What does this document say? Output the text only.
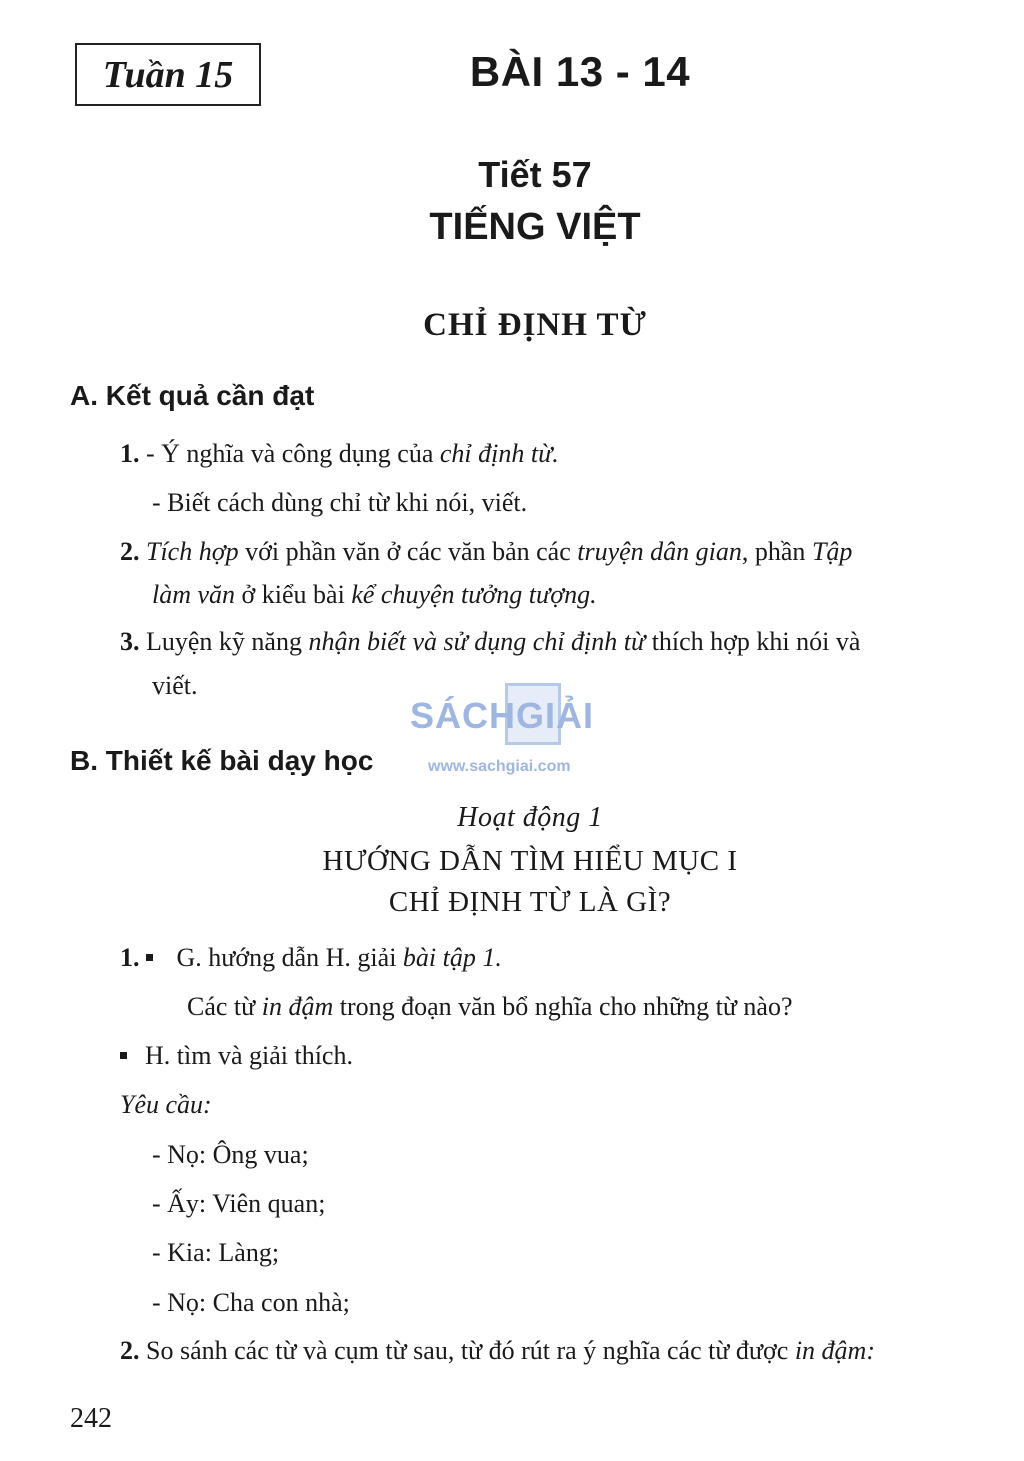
Tuần 15	BÀI 13 - 14
Tiết 57
TIẾNG VIỆT
CHỈ ĐỊNH TỪ
A. Kết quả cần đạt
1. - Ý nghĩa và công dụng của chỉ định từ.
- Biết cách dùng chỉ từ khi nói, viết.
2. Tích hợp với phần văn ở các văn bản các truyện dân gian, phần Tập
làm văn ở kiểu bài kể chuyện tưởng tượng.
3. Luyện kỹ năng nhận biết và sử dụng chỉ định từ thích hợp khi nói và
viết.
SÁCHGIẢI
www.sachgiai.com
B. Thiết kế bài dạy học
Hoạt động 1
HƯỚNG DẪN TÌM HIỂU MỤC I
CHỈ ĐỊNH TỪ LÀ GÌ?
1. G. hướng dẫn H. giải bài tập 1.
Các từ in đậm trong đoạn văn bổ nghĩa cho những từ nào?
H. tìm và giải thích.
Yêu cầu:
- Nọ: Ông vua;
- Ấy: Viên quan;
- Kia: Làng;
- Nọ: Cha con nhà;
2. So sánh các từ và cụm từ sau, từ đó rút ra ý nghĩa các từ được in đậm:
242
